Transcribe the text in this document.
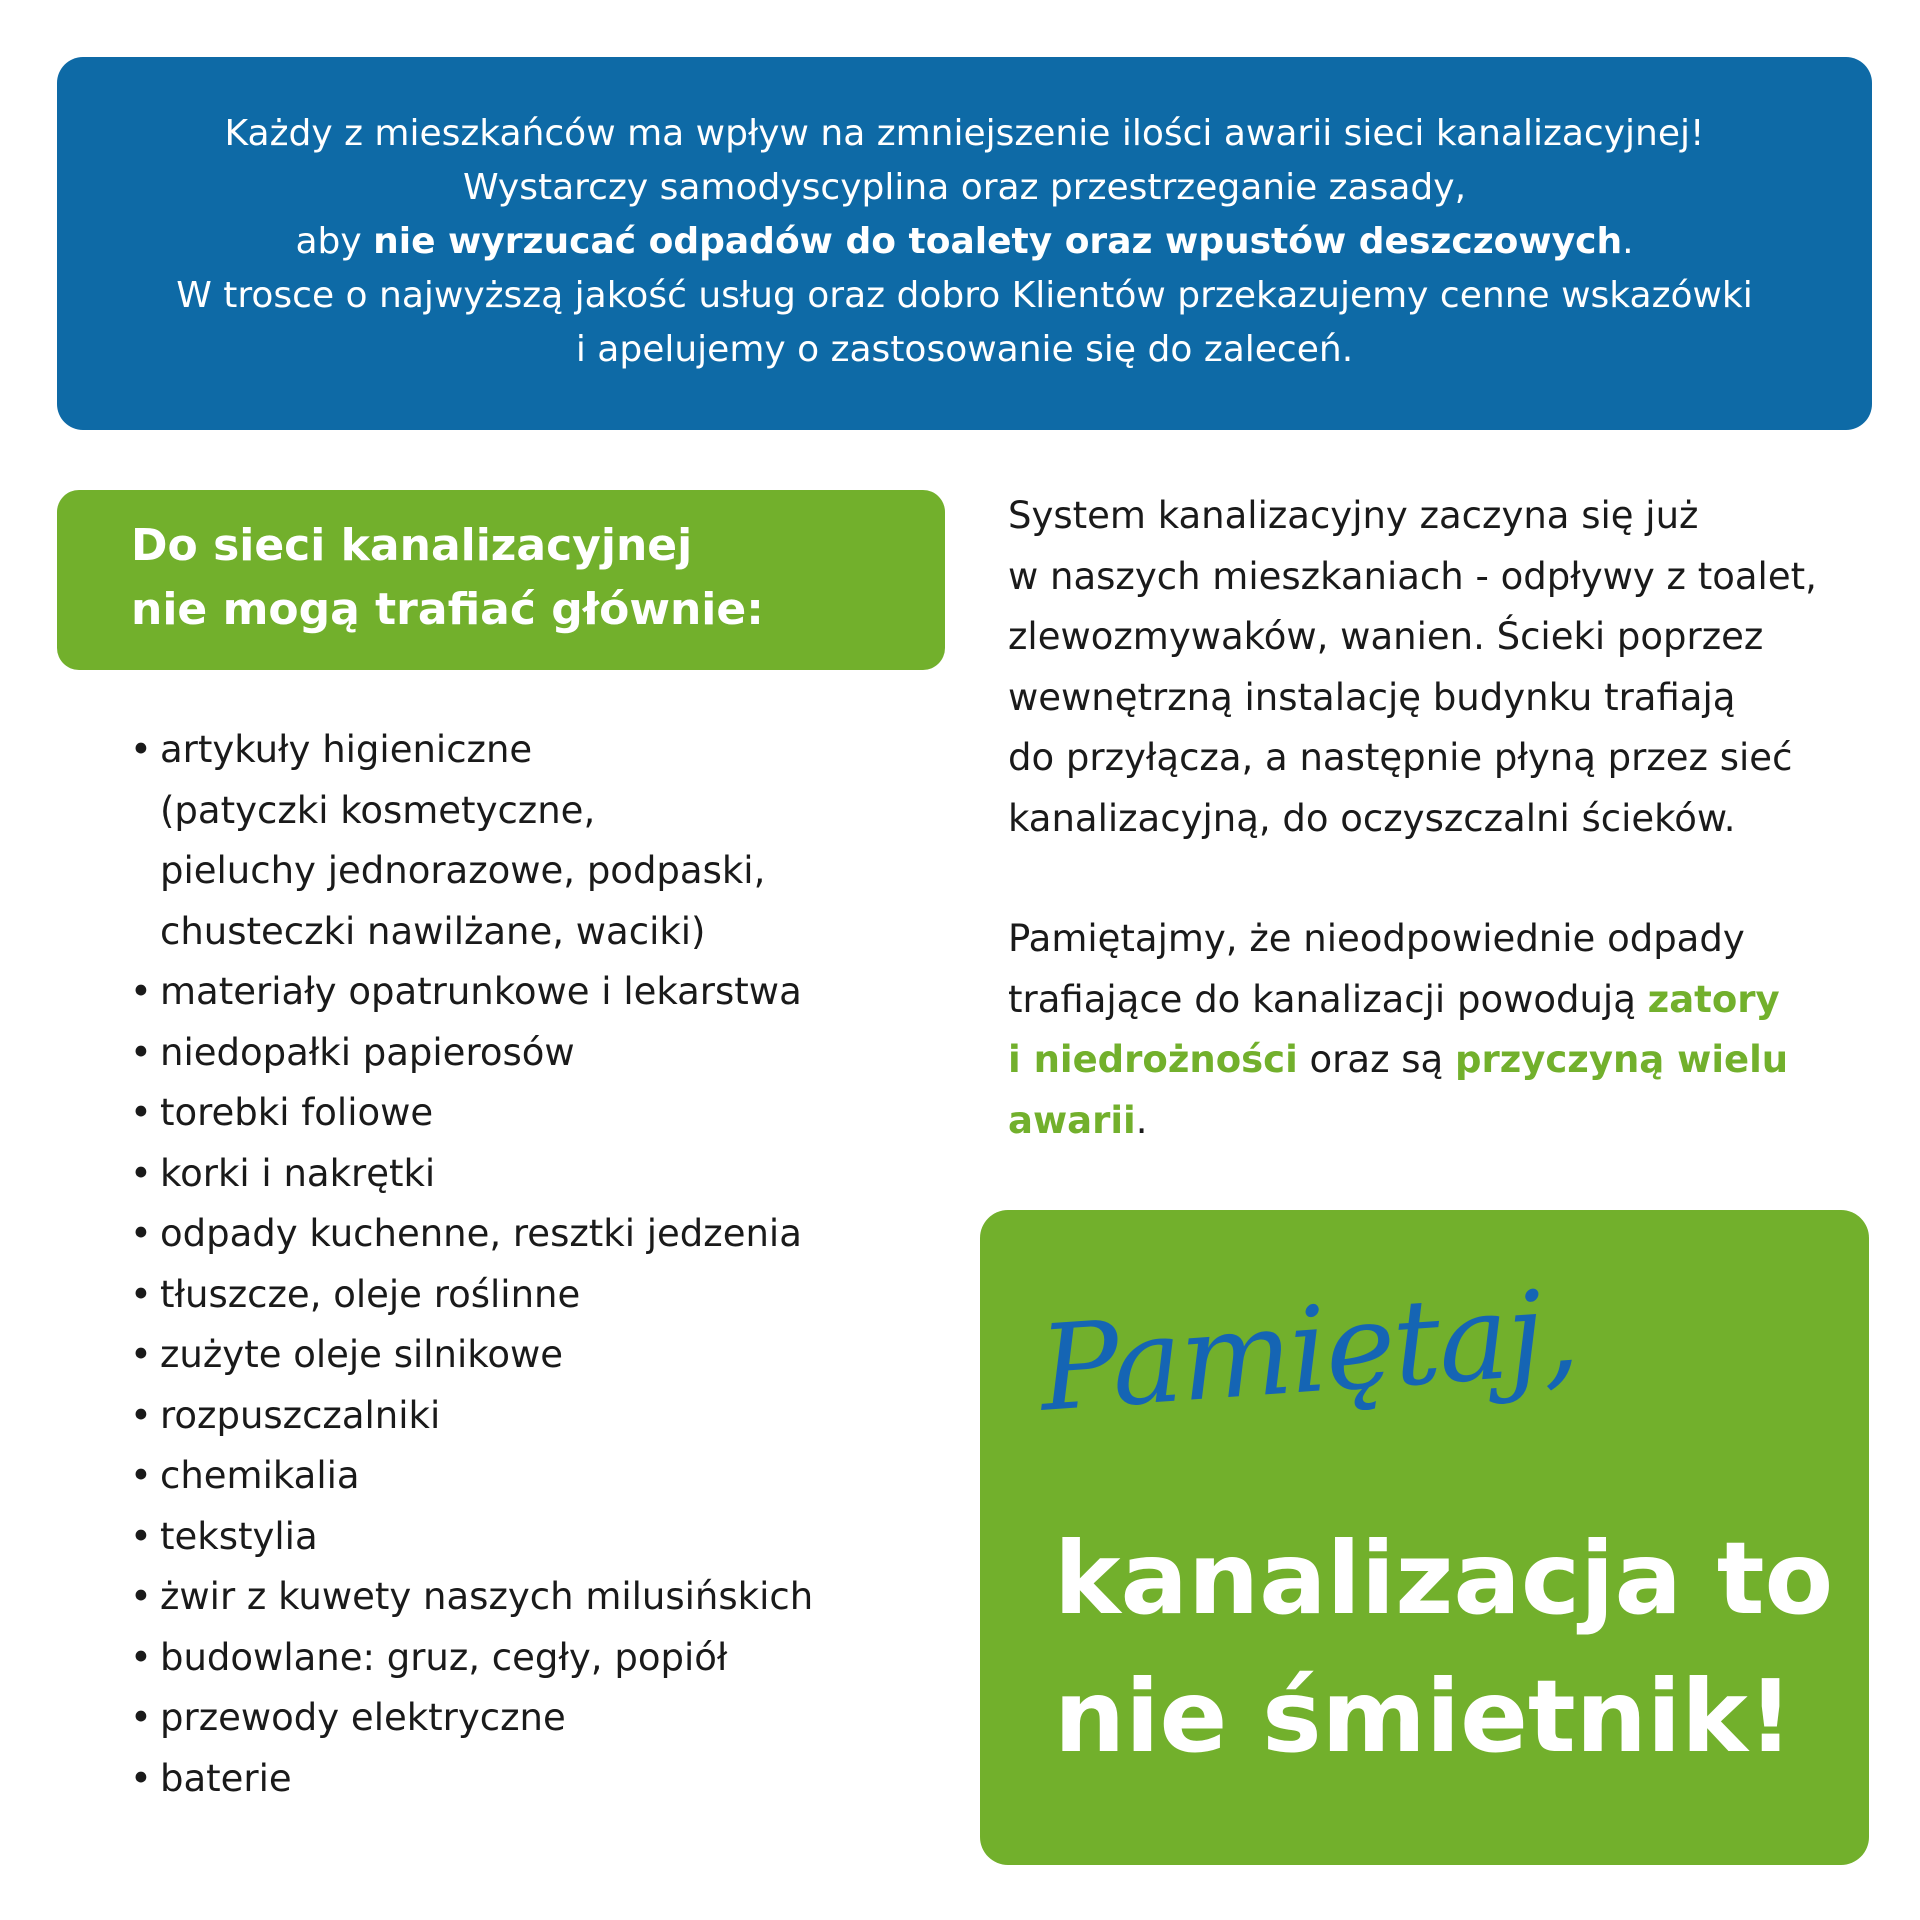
Każdy z mieszkańców ma wpływ na zmniejszenie ilości awarii sieci kanalizacyjnej!
Wystarczy samodyscyplina oraz przestrzeganie zasady,
aby nie wyrzucać odpadów do toalety oraz wpustów deszczowych.
W trosce o najwyższą jakość usług oraz dobro Klientów przekazujemy cenne wskazówki
i apelujemy o zastosowanie się do zaleceń.
Do sieci kanalizacyjnej
nie mogą trafiać głównie:
• artykuły higieniczne
(patyczki kosmetyczne,
pieluchy jednorazowe, podpaski,
chusteczki nawilżane, waciki)
• materiały opatrunkowe i lekarstwa
• niedopałki papierosów
• torebki foliowe
• korki i nakrętki
• odpady kuchenne, resztki jedzenia
• tłuszcze, oleje roślinne
• zużyte oleje silnikowe
• rozpuszczalniki
• chemikalia
• tekstylia
• żwir z kuwety naszych milusińskich
• budowlane: gruz, cegły, popiół
• przewody elektryczne
• baterie

System kanalizacyjny zaczyna się już
w naszych mieszkaniach - odpływy z toalet,
zlewozmywaków, wanien. Ścieki poprzez
wewnętrzną instalację budynku trafiają
do przyłącza, a następnie płyną przez sieć
kanalizacyjną, do oczyszczalni ścieków.

Pamiętajmy, że nieodpowiednie odpady
trafiające do kanalizacji powodują zatory
i niedrożności oraz są przyczyną wielu
awarii.

Pamiętaj,
kanalizacja to
nie śmietnik!
